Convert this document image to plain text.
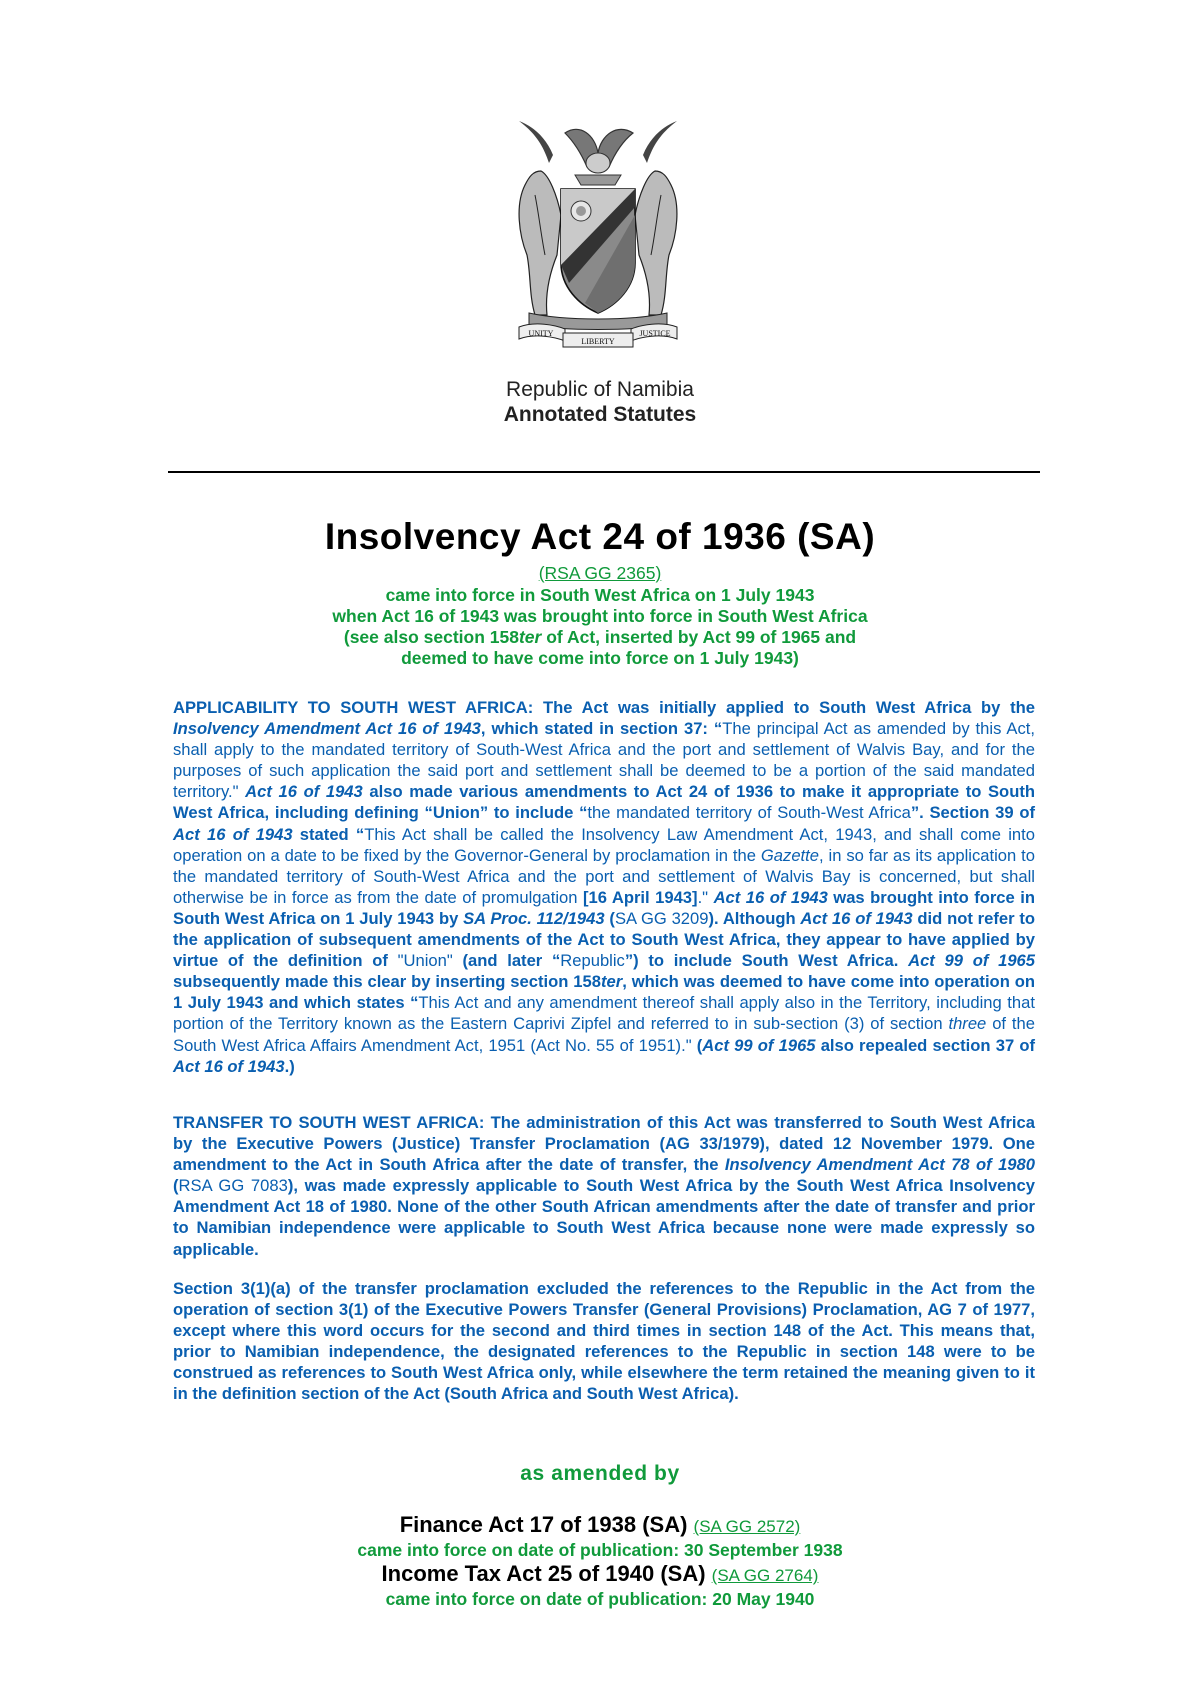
UNITY
LIBERTY
JUSTICE
Republic of Namibia
Annotated Statutes
Insolvency Act 24 of 1936 (SA)
(RSA GG 2365)
came into force in South West Africa on 1 July 1943
when Act 16 of 1943 was brought into force in South West Africa
(see also section 158ter of Act, inserted by Act 99 of 1965 and
deemed to have come into force on 1 July 1943)
APPLICABILITY TO SOUTH WEST AFRICA: The Act was initially applied to South West Africa by the Insolvency Amendment Act 16 of 1943, which stated in section 37: “The principal Act as amended by this Act, shall apply to the mandated territory of South-West Africa and the port and settlement of Walvis Bay, and for the purposes of such application the said port and settlement shall be deemed to be a portion of the said mandated territory." Act 16 of 1943 also made various amendments to Act 24 of 1936 to make it appropriate to South West Africa, including defining “Union” to include “the mandated territory of South-West Africa”. Section 39 of Act 16 of 1943 stated “This Act shall be called the Insolvency Law Amendment Act, 1943, and shall come into operation on a date to be fixed by the Governor-General by proclamation in the Gazette, in so far as its application to the mandated territory of South-West Africa and the port and settlement of Walvis Bay is concerned, but shall otherwise be in force as from the date of promulgation [16 April 1943]." Act 16 of 1943 was brought into force in South West Africa on 1 July 1943 by SA Proc. 112/1943 (SA GG 3209). Although Act 16 of 1943 did not refer to the application of subsequent amendments of the Act to South West Africa, they appear to have applied by virtue of the definition of "Union" (and later “Republic”) to include South West Africa. Act 99 of 1965 subsequently made this clear by inserting section 158ter, which was deemed to have come into operation on 1 July 1943 and which states “This Act and any amendment thereof shall apply also in the Territory, including that portion of the Territory known as the Eastern Caprivi Zipfel and referred to in sub-section (3) of section three of the South West Africa Affairs Amendment Act, 1951 (Act No. 55 of 1951)." (Act 99 of 1965 also repealed section 37 of Act 16 of 1943.)
TRANSFER TO SOUTH WEST AFRICA: The administration of this Act was transferred to South West Africa by the Executive Powers (Justice) Transfer Proclamation (AG 33/1979), dated 12 November 1979. One amendment to the Act in South Africa after the date of transfer, the Insolvency Amendment Act 78 of 1980 (RSA GG 7083), was made expressly applicable to South West Africa by the South West Africa Insolvency Amendment Act 18 of 1980. None of the other South African amendments after the date of transfer and prior to Namibian independence were applicable to South West Africa because none were made expressly so applicable.
Section 3(1)(a) of the transfer proclamation excluded the references to the Republic in the Act from the operation of section 3(1) of the Executive Powers Transfer (General Provisions) Proclamation, AG 7 of 1977, except where this word occurs for the second and third times in section 148 of the Act. This means that, prior to Namibian independence, the designated references to the Republic in section 148 were to be construed as references to South West Africa only, while elsewhere the term retained the meaning given to it in the definition section of the Act (South Africa and South West Africa).
as amended by
Finance Act 17 of 1938 (SA) (SA GG 2572)
came into force on date of publication: 30 September 1938
Income Tax Act 25 of 1940 (SA) (SA GG 2764)
came into force on date of publication: 20 May 1940
